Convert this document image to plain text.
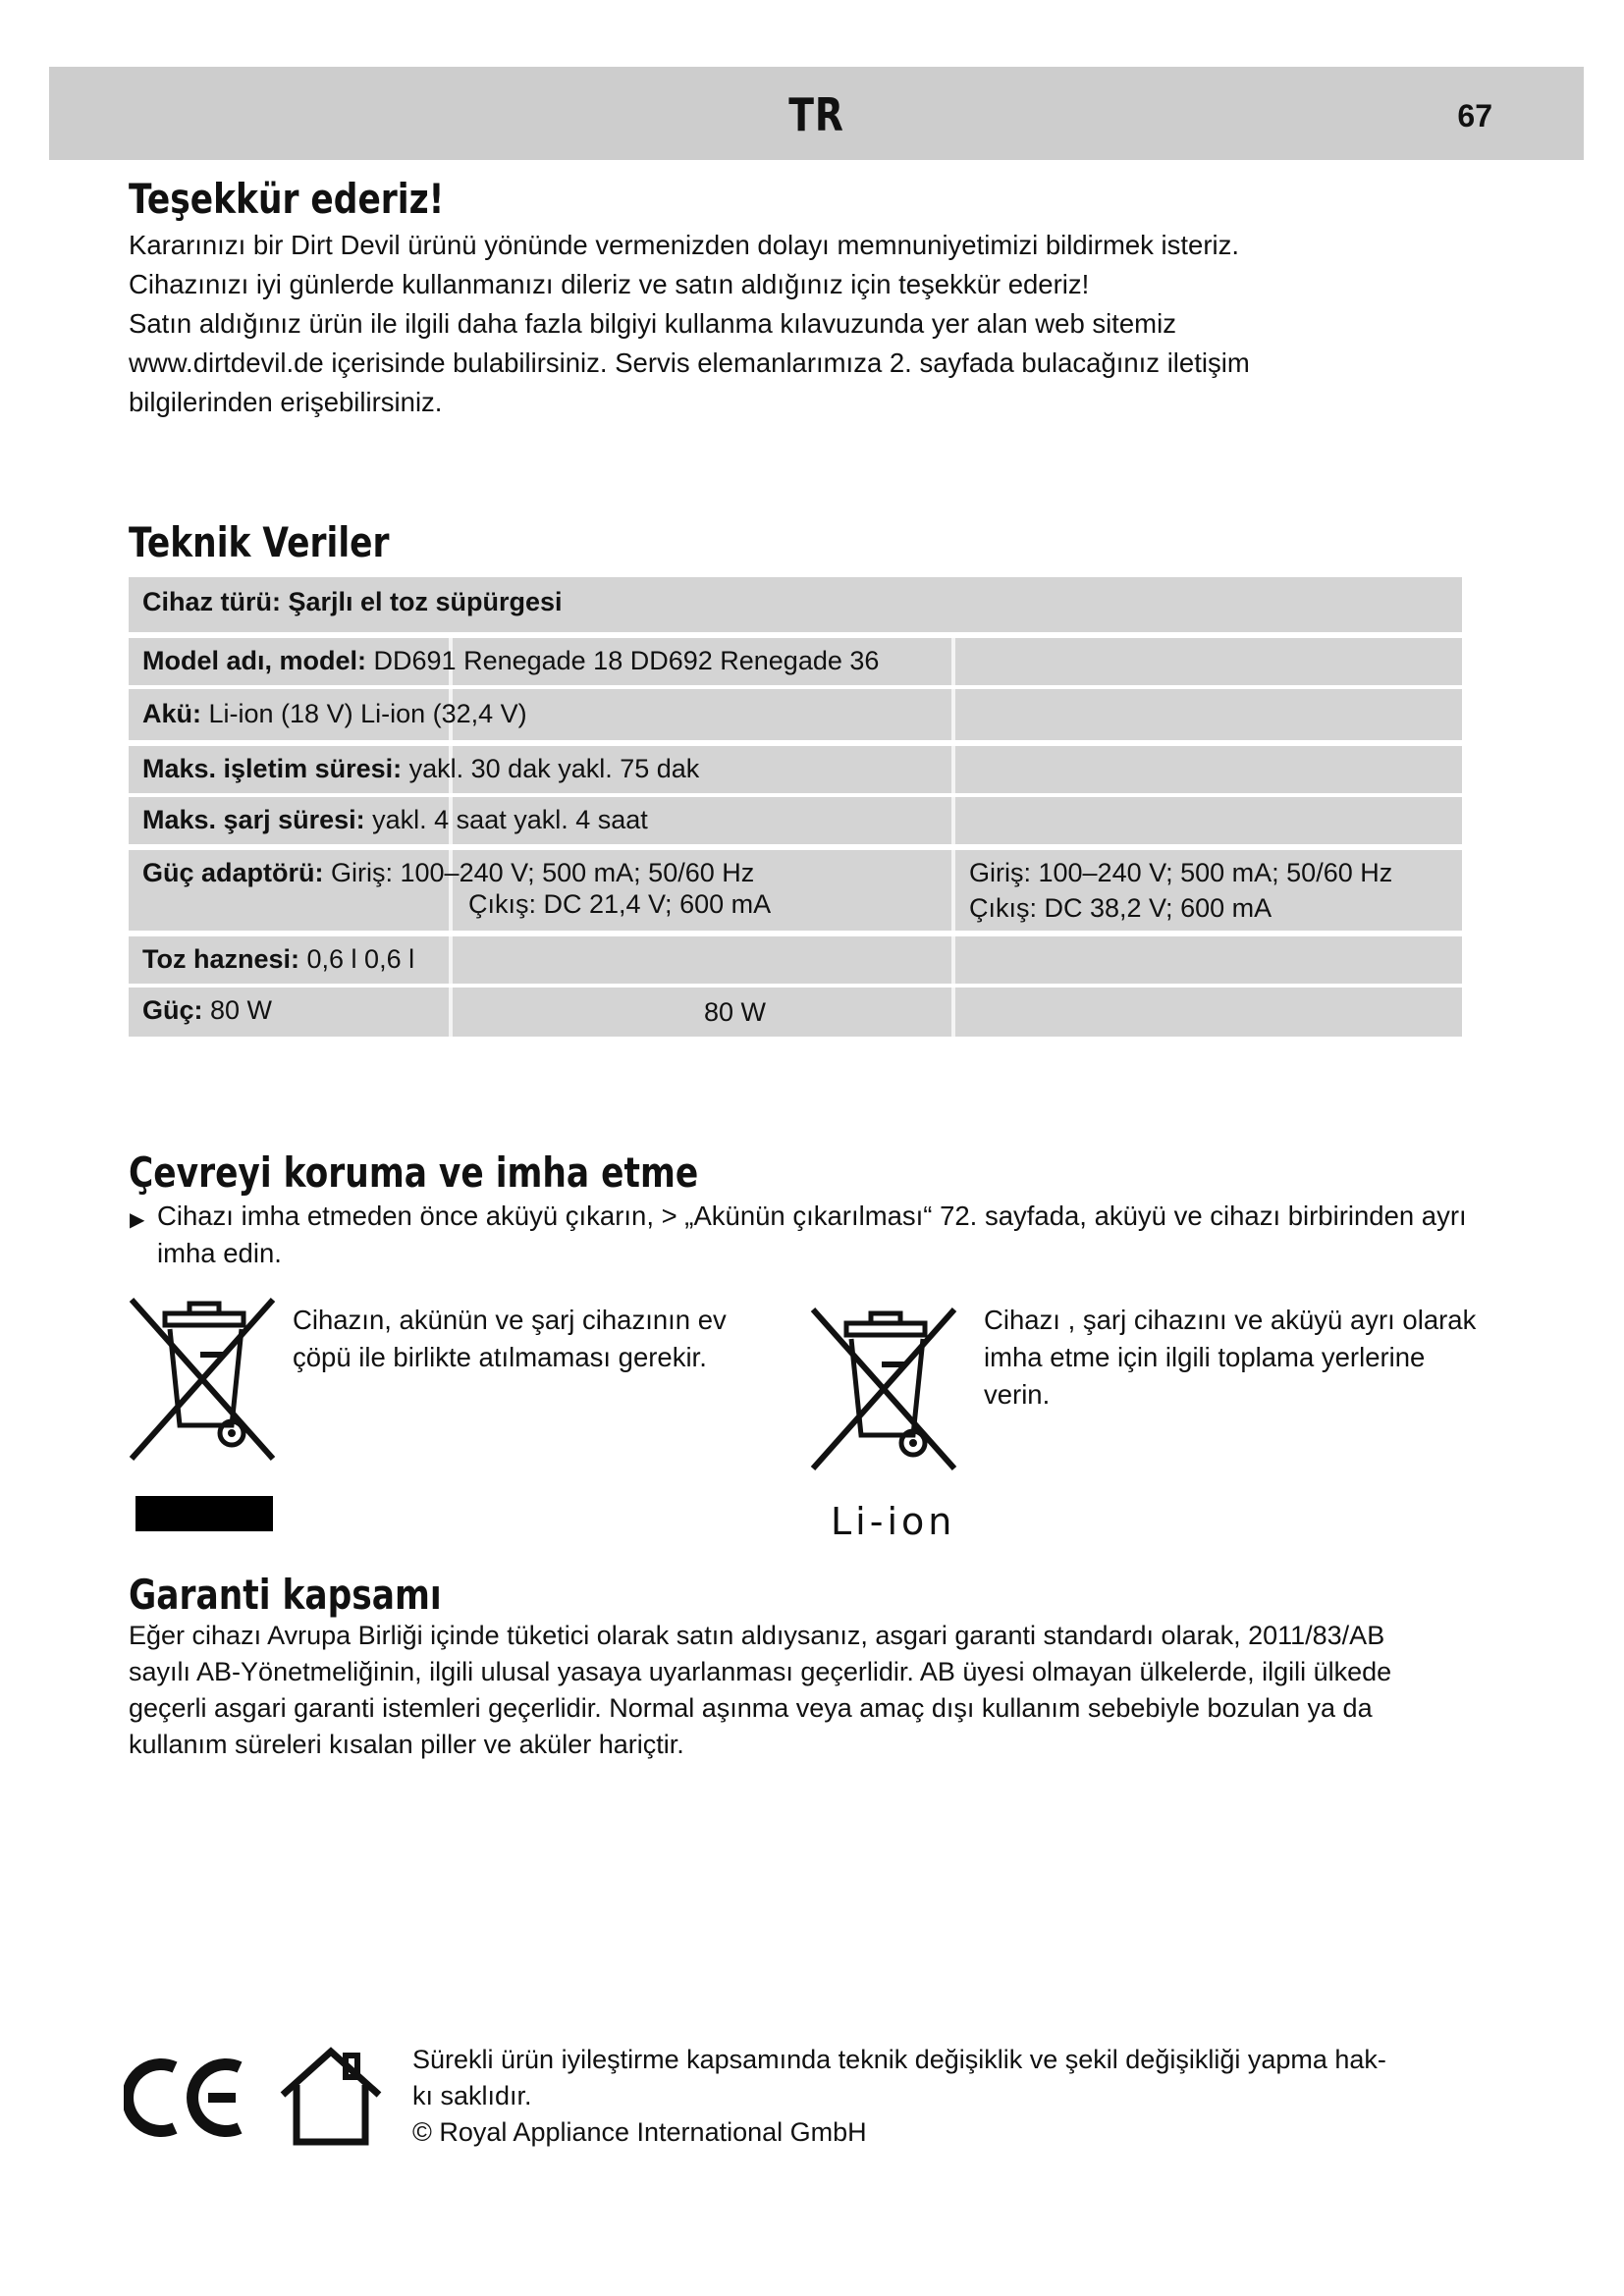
TR	67
Teşekkür ederiz!

Kararınızı bir Dirt Devil ürünü yönünde vermenizden dolayı memnuniyetimizi bildirmek isteriz.

Cihazınızı iyi günlerde kullanmanızı dileriz ve satın aldığınız için teşekkür ederiz!

Satın aldığınız ürün ile ilgili daha fazla bilgiyi kullanma kılavuzunda yer alan web sitemiz

www.dirtdevil.de içerisinde bulabilirsiniz. Servis elemanlarımıza 2. sayfada bulacağınız iletişim

bilgilerinden erişebilirsiniz.

Teknik Veriler
Cihaz türü: Şarjlı el toz süpürgesi
Model adı, model: DD691 Renegade 18 DD692 Renegade 36
Akü: Li-ion (18 V) Li-ion (32,4 V)
Maks. işletim süresi: yakl. 30 dak yakl. 75 dak
Maks. şarj süresi: yakl. 4 saat yakl. 4 saat
Güç adaptörü: Giriş: 100–240 V; 500 mA; 50/60 Hz
Çıkış: DC 21,4 V; 600 mA
Giriş: 100–240 V; 500 mA; 50/60 Hz
Çıkış: DC 38,2 V; 600 mA
Toz haznesi: 0,6 l 0,6 l
Güç: 80 W	80 W
Çevreyi koruma ve imha etme
▶ Cihazı imha etmeden önce aküyü çıkarın, > „Akünün çıkarılması“ 72. sayfada, aküyü ve cihazı birbirinden ayrı

imha edin.

Cihazın, akünün ve şarj cihazının ev
çöpü ile birlikte atılmaması gerekir.
Cihazı , şarj cihazını ve aküyü ayrı olarak
imha etme için ilgili toplama yerlerine
verin.
Li-ion
Garanti kapsamı

Eğer cihazı Avrupa Birliği içinde tüketici olarak satın aldıysanız, asgari garanti standardı olarak, 2011/83/AB

sayılı AB-Yönetmeliğinin, ilgili ulusal yasaya uyarlanması geçerlidir. AB üyesi olmayan ülkelerde, ilgili ülkede

geçerli asgari garanti istemleri geçerlidir. Normal aşınma veya amaç dışı kullanım sebebiyle bozulan ya da

kullanım süreleri kısalan piller ve aküler hariçtir.

Sürekli ürün iyileştirme kapsamında teknik değişiklik ve şekil değişikliği yapma hak-

kı saklıdır.

© Royal Appliance International GmbH
